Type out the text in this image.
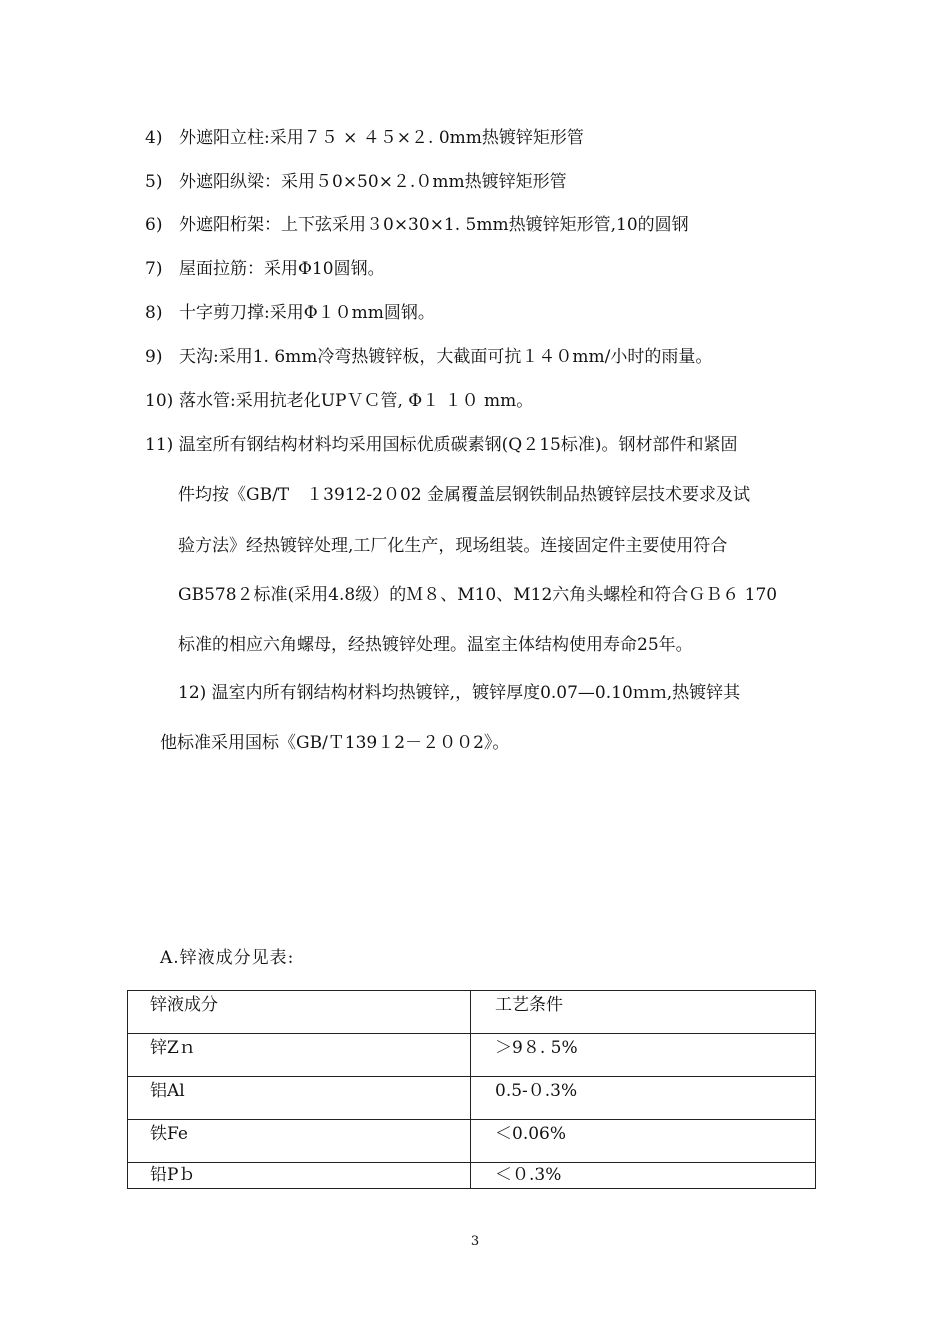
4) 外遮阳立柱:采用７５ × ４５×２. 0mm热镀锌矩形管
5) 外遮阳纵梁：采用５0×50×２.０mm热镀锌矩形管
6) 外遮阳桁架：上下弦采用３0×30×1. 5mm热镀锌矩形管,10的圆钢
7) 屋面拉筋：采用Φ10圆钢。
8) 十字剪刀撑:采用Φ１０mm圆钢。
9) 天沟:采用1. 6mm冷弯热镀锌板，大截面可抗１４０mm/小时的雨量。
10) 落水管:采用抗老化UPＶＣ管, Φ１ １０ mm。
11) 温室所有钢结构材料均采用国标优质碳素钢(Q２15标准)。钢材部件和紧固
件均按《GB/T　１3912-2０02 金属覆盖层钢铁制品热镀锌层技术要求及试
验方法》经热镀锌处理,工厂化生产，现场组装。连接固定件主要使用符合
GB578２标准(采用4.8级）的Ｍ８、M10、M12六角头螺栓和符合ＧＢ６ 170
标准的相应六角螺母，经热镀锌处理。温室主体结构使用寿命25年。
12) 温室内所有钢结构材料均热镀锌,，镀锌厚度0.07—0.10ｍｍ,热镀锌其
他标准采用国标《GB/Ｔ139１2－２００2》。
A.锌液成分见表:
锌液成分	工艺条件
锌Zｎ	＞9８. 5%
铝Al	0.5-０.3%
铁Fe	＜0.06%
铅Pｂ	＜０.3%
3
